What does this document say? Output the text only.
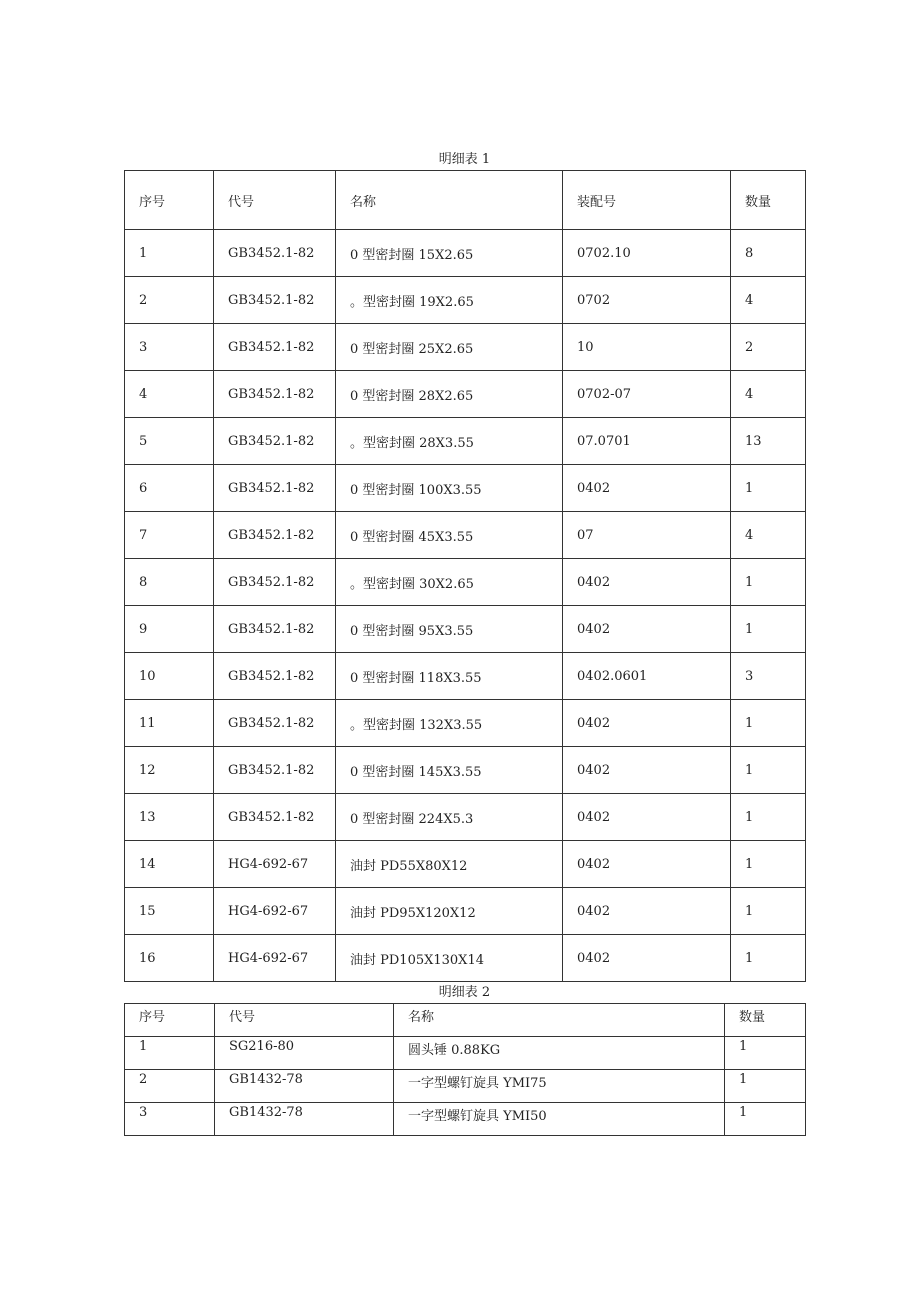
明细表 1
序号	代号	名称	装配号	数量
1	GB3452.1-82	0 型密封圈 15X2.65	0702.10	8
2	GB3452.1-82	。型密封圈 19X2.65	0702	4
3	GB3452.1-82	0 型密封圈 25X2.65	10	2
4	GB3452.1-82	0 型密封圈 28X2.65	0702-07	4
5	GB3452.1-82	。型密封圈 28X3.55	07.0701	13
6	GB3452.1-82	0 型密封圈 100X3.55	0402	1
7	GB3452.1-82	0 型密封圈 45X3.55	07	4
8	GB3452.1-82	。型密封圈 30X2.65	0402	1
9	GB3452.1-82	0 型密封圈 95X3.55	0402	1
10	GB3452.1-82	0 型密封圈 118X3.55	0402.0601	3
11	GB3452.1-82	。型密封圈 132X3.55	0402	1
12	GB3452.1-82	0 型密封圈 145X3.55	0402	1
13	GB3452.1-82	0 型密封圈 224X5.3	0402	1
14	HG4-692-67	油封 PD55X80X12	0402	1
15	HG4-692-67	油封 PD95X120X12	0402	1
16	HG4-692-67	油封 PD105X130X14	0402	1
明细表 2
序号	代号	名称	数量
1	SG216-80	圆头锤 0.88KG	1
2	GB1432-78	一字型螺钉旋具 YMI75	1
3	GB1432-78	一字型螺钉旋具 YMI50	1
